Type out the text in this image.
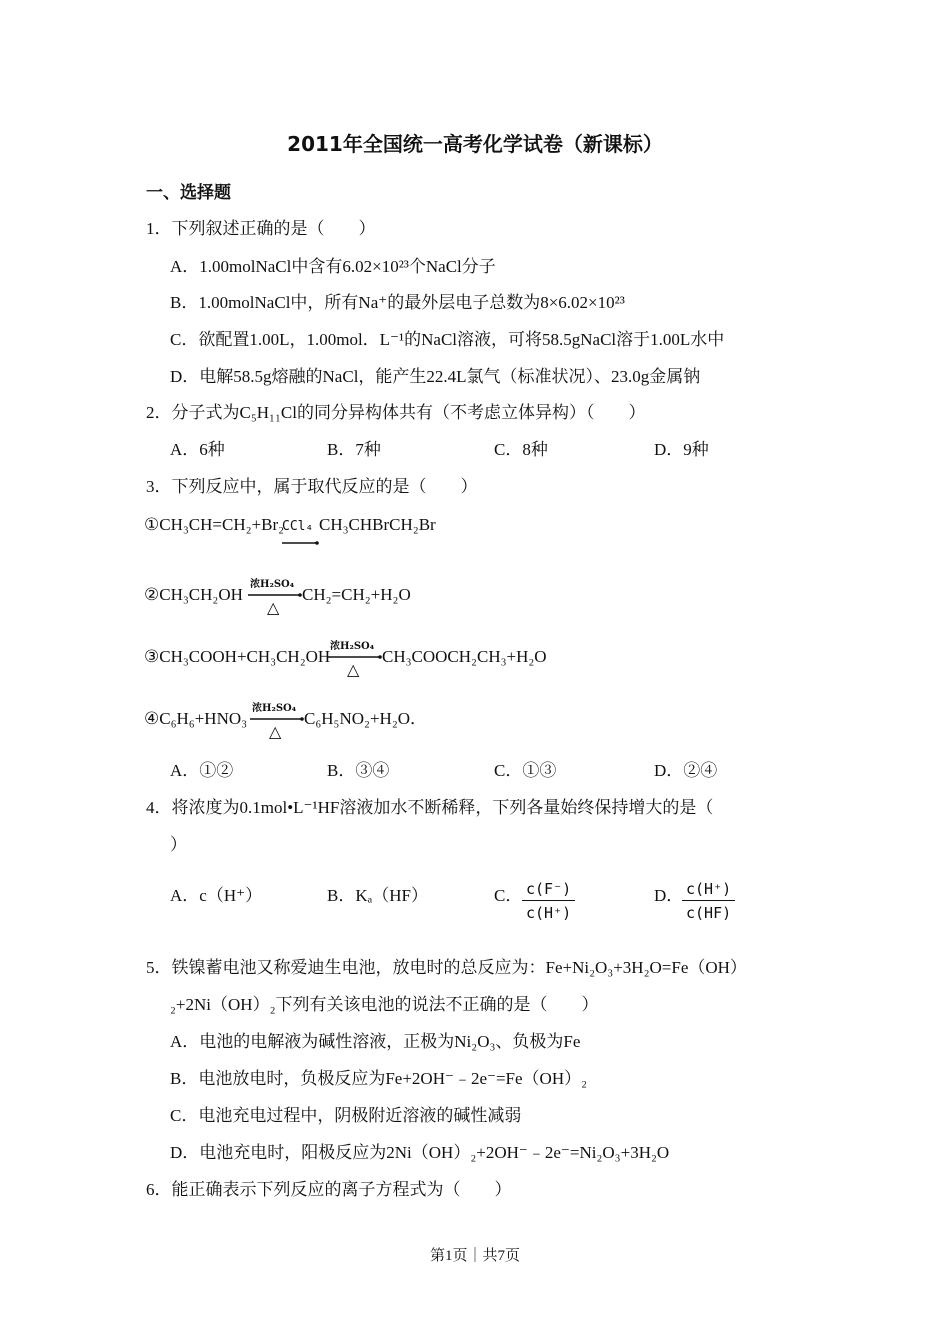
2011年全国统一高考化学试卷（新课标）
一、选择题
1．下列叙述正确的是（　　）
A．1.00molNaCl中含有6.02×10²³个NaCl分子
B．1.00molNaCl中，所有Na⁺的最外层电子总数为8×6.02×10²³
C．欲配置1.00L，1.00mol．L⁻¹的NaCl溶液，可将58.5gNaCl溶于1.00L水中
D．电解58.5g熔融的NaCl，能产生22.4L氯气（标准状况）、23.0g金属钠
2．分子式为C₅H₁₁Cl的同分异构体共有（不考虑立体异构）（　　）
A．6种	B．7种	C．8种	D．9种
3．下列反应中，属于取代反应的是（　　）
①CH₃CH=CH₂+Br₂
CCl₄ CH₃CHBrCH₂Br
②CH₃CH₂OH
浓H₂SO₄
△
CH₂=CH₂+H₂O
③CH₃COOH+CH₃CH₂OH
浓H₂SO₄
△
CH₃COOCH₂CH₃+H₂O
④C₆H₆+HNO₃
浓H₂SO₄
△
C₆H₅NO₂+H₂O．
A．①②	B．③④	C．①③	D．②④
4．将浓度为0.1mol•L⁻¹HF溶液加水不断稀释，下列各量始终保持增大的是（
）
A．c（H⁺）	B．Kₐ（HF）	C． $\frac{c(F^-)}{c(H^+)}$	D．
$\frac{c(H^+)}{c(HF)}$
5．铁镍蓄电池又称爱迪生电池，放电时的总反应为：Fe+Ni₂O₃+3H₂O=Fe（OH）
₂+2Ni（OH）₂下列有关该电池的说法不正确的是（　　）
A．电池的电解液为碱性溶液，正极为Ni₂O₃、负极为Fe
B．电池放电时，负极反应为Fe+2OH⁻﹣2e⁻=Fe（OH）₂
C．电池充电过程中，阴极附近溶液的碱性减弱
D．电池充电时，阳极反应为2Ni（OH）₂+2OH⁻﹣2e⁻=Ni₂O₃+3H₂O
6．能正确表示下列反应的离子方程式为（　　）
第1页｜共7页
